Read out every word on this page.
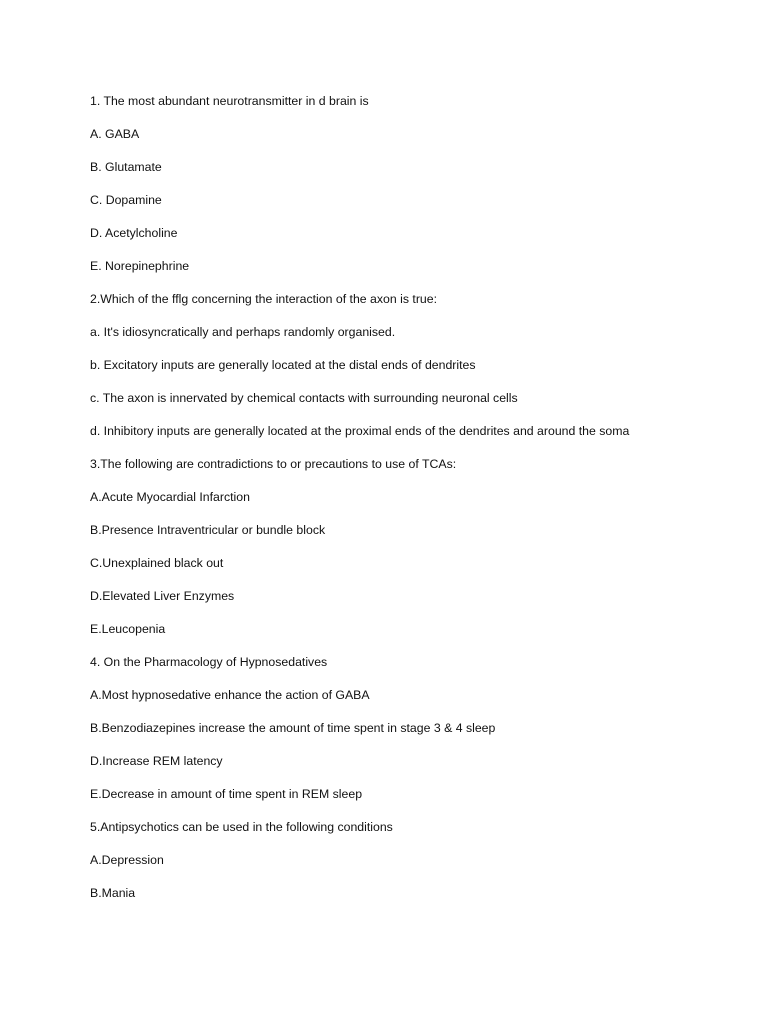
1. The most abundant neurotransmitter in d brain is
A. GABA
B. Glutamate
C. Dopamine
D. Acetylcholine
E. Norepinephrine
2.Which of the fflg concerning the interaction of the axon is true:
a. It's idiosyncratically and perhaps randomly organised.
b. Excitatory inputs are generally located at the distal ends of dendrites
c. The axon is innervated by chemical contacts with surrounding neuronal cells
d. Inhibitory inputs are generally located at the proximal ends of the dendrites and around the soma
3.The following are contradictions to or precautions to use of TCAs:
A.Acute Myocardial Infarction
B.Presence Intraventricular or bundle block
C.Unexplained black out
D.Elevated Liver Enzymes
E.Leucopenia
4. On the Pharmacology of Hypnosedatives
A.Most hypnosedative enhance the action of GABA
B.Benzodiazepines increase the amount of time spent in stage 3 & 4 sleep
D.Increase REM latency
E.Decrease in amount of time spent in REM sleep
5.Antipsychotics can be used in the following conditions
A.Depression
B.Mania
